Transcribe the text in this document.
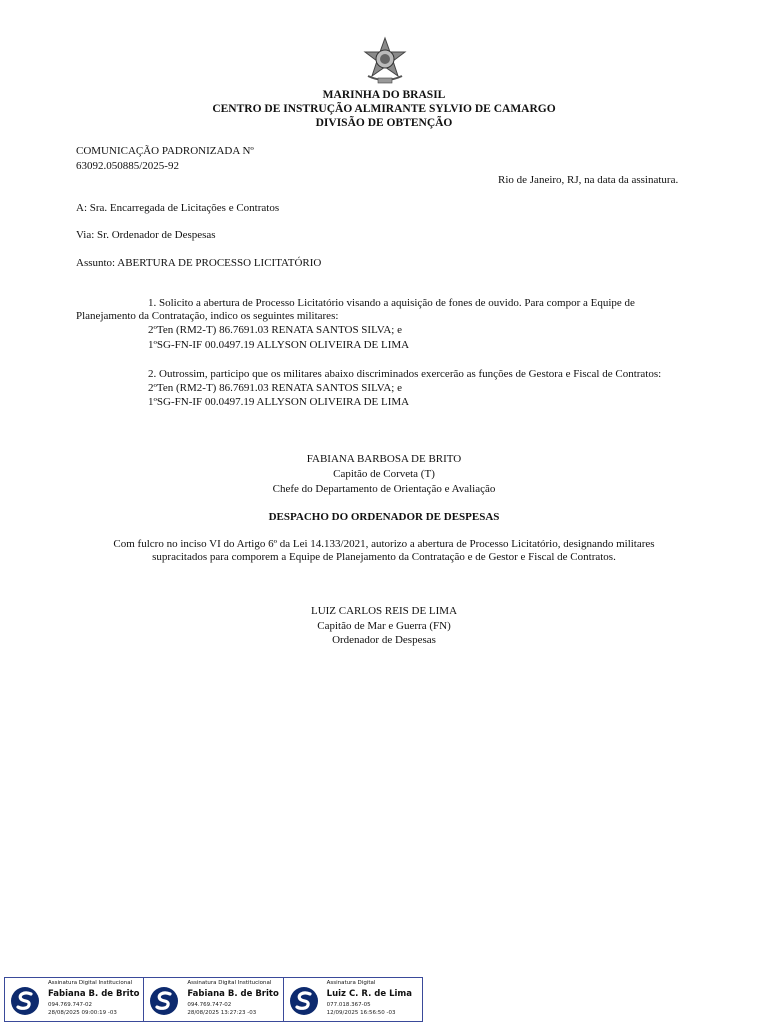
MARINHA DO BRASIL
CENTRO DE INSTRUÇÃO ALMIRANTE SYLVIO DE CAMARGO
DIVISÃO DE OBTENÇÃO
COMUNICAÇÃO PADRONIZADA Nº
63092.050885/2025-92
Rio de Janeiro, RJ, na data da assinatura.
A: Sra. Encarregada de Licitações e Contratos
Via: Sr. Ordenador de Despesas
Assunto: ABERTURA DE PROCESSO LICITATÓRIO
1. Solicito a abertura de Processo Licitatório visando a aquisição de fones de ouvido. Para compor a Equipe de
Planejamento da Contratação, indico os seguintes militares:
2ºTen (RM2-T) 86.7691.03 RENATA SANTOS SILVA; e
1ºSG-FN-IF 00.0497.19 ALLYSON OLIVEIRA DE LIMA
2. Outrossim, participo que os militares abaixo discriminados exercerão as funções de Gestora e Fiscal de Contratos:
2ºTen (RM2-T) 86.7691.03 RENATA SANTOS SILVA; e
1ºSG-FN-IF 00.0497.19 ALLYSON OLIVEIRA DE LIMA
FABIANA BARBOSA DE BRITO
Capitão de Corveta (T)
Chefe do Departamento de Orientação e Avaliação
DESPACHO DO ORDENADOR DE DESPESAS
Com fulcro no inciso VI do Artigo 6º da Lei 14.133/2021, autorizo a abertura de Processo Licitatório, designando militares
supracitados para comporem a Equipe de Planejamento da Contratação e de Gestor e Fiscal de Contratos.
LUIZ CARLOS REIS DE LIMA
Capitão de Mar e Guerra (FN)
Ordenador de Despesas
Assinatura Digital Institucional
Fabiana B. de Brito
094.769.747-02
28/08/2025 09:00:19 -03
Assinatura Digital Institucional
Fabiana B. de Brito
094.769.747-02
28/08/2025 13:27:23 -03
Assinatura Digital
Luiz C. R. de Lima
077.018.367-05
12/09/2025 16:56:50 -03
